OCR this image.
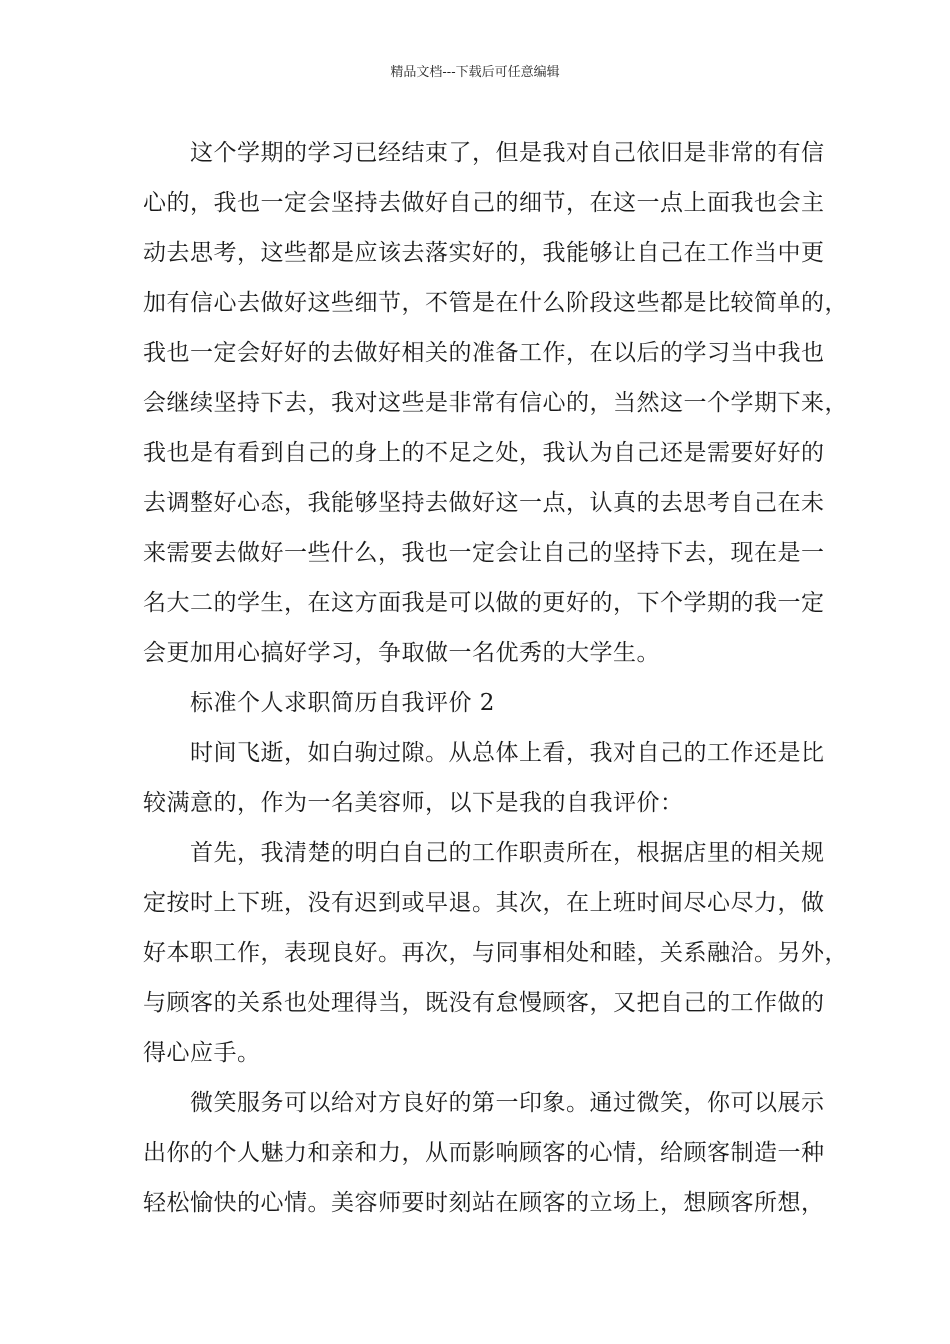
精品文档---下载后可任意编辑
这个学期的学习已经结束了，但是我对自己依旧是非常的有信
心的，我也一定会坚持去做好自己的细节，在这一点上面我也会主
动去思考，这些都是应该去落实好的，我能够让自己在工作当中更
加有信心去做好这些细节，不管是在什么阶段这些都是比较简单的，
我也一定会好好的去做好相关的准备工作，在以后的学习当中我也
会继续坚持下去，我对这些是非常有信心的，当然这一个学期下来，
我也是有看到自己的身上的不足之处，我认为自己还是需要好好的
去调整好心态，我能够坚持去做好这一点，认真的去思考自己在未
来需要去做好一些什么，我也一定会让自己的坚持下去，现在是一
名大二的学生，在这方面我是可以做的更好的，下个学期的我一定
会更加用心搞好学习，争取做一名优秀的大学生。
标准个人求职简历自我评价 2
时间飞逝，如白驹过隙。从总体上看，我对自己的工作还是比
较满意的，作为一名美容师，以下是我的自我评价：
首先，我清楚的明白自己的工作职责所在，根据店里的相关规
定按时上下班，没有迟到或早退。其次，在上班时间尽心尽力，做
好本职工作，表现良好。再次，与同事相处和睦，关系融洽。另外，
与顾客的关系也处理得当，既没有怠慢顾客，又把自己的工作做的
得心应手。
微笑服务可以给对方良好的第一印象。通过微笑，你可以展示
出你的个人魅力和亲和力，从而影响顾客的心情，给顾客制造一种
轻松愉快的心情。美容师要时刻站在顾客的立场上，想顾客所想，
